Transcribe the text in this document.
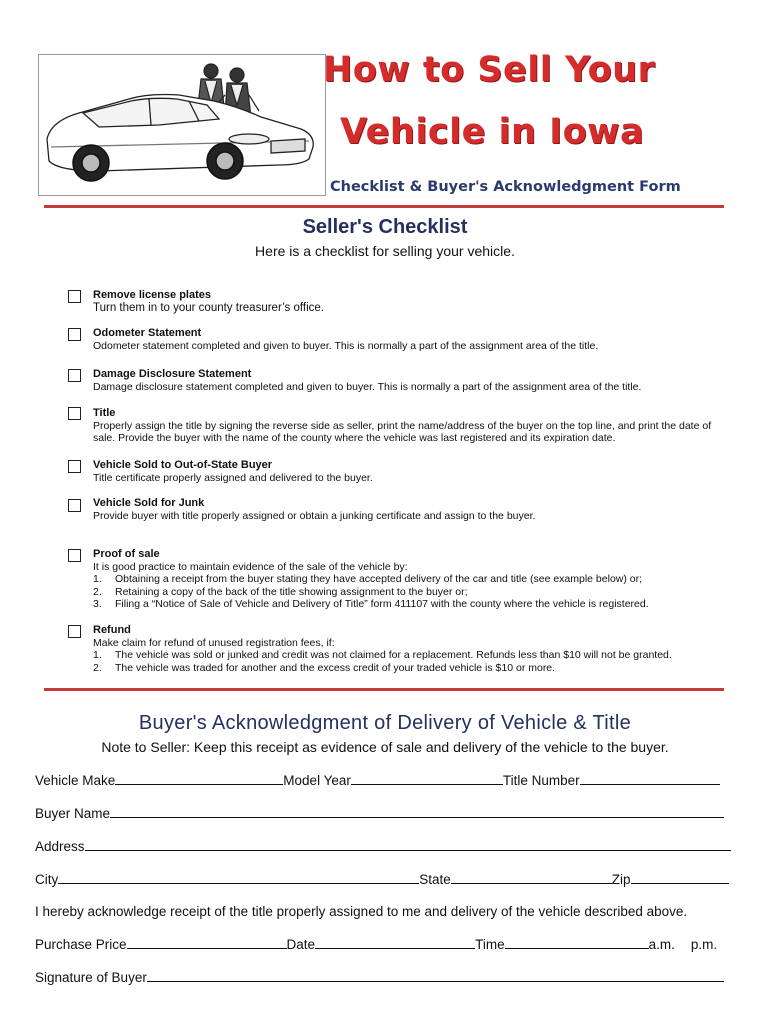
How to Sell Your
Vehicle in Iowa
Checklist & Buyer's Acknowledgment Form
Seller's Checklist
Here is a checklist for selling your vehicle.
Remove license plates
Turn them in to your county treasurer’s office.
Odometer Statement
Odometer statement completed and given to buyer. This is normally a part of the assignment area of the title.
Damage Disclosure Statement
Damage disclosure statement completed and given to buyer. This is normally a part of the assignment area of the title.
Title
Properly assign the title by signing the reverse side as seller, print the name/address of the buyer on the top line, and print the date of sale. Provide the buyer with the name of the county where the vehicle was last registered and its expiration date.
Vehicle Sold to Out-of-State Buyer
Title certificate properly assigned and delivered to the buyer.
Vehicle Sold for Junk
Provide buyer with title properly assigned or obtain a junking certificate and assign to the buyer.
Proof of sale
It is good practice to maintain evidence of the sale of the vehicle by:
1. Obtaining a receipt from the buyer stating they have accepted delivery of the car and title (see example below) or;
2. Retaining a copy of the back of the title showing assignment to the buyer or;
3. Filing a “Notice of Sale of Vehicle and Delivery of Title” form 411107 with the county where the vehicle is registered.
Refund
Make claim for refund of unused registration fees, if:
1. The vehicle was sold or junked and credit was not claimed for a replacement. Refunds less than $10 will not be granted.
2. The vehicle was traded for another and the excess credit of your traded vehicle is $10 or more.
Buyer's Acknowledgment of Delivery of Vehicle & Title
Note to Seller: Keep this receipt as evidence of sale and delivery of the vehicle to the buyer.
Vehicle Make	Model Year	Title Number
Buyer Name
Address
City	State	Zip
I hereby acknowledge receipt of the title properly assigned to me and delivery of the vehicle described above.
Purchase Price	Date	Time	a.m. p.m.
Signature of Buyer
